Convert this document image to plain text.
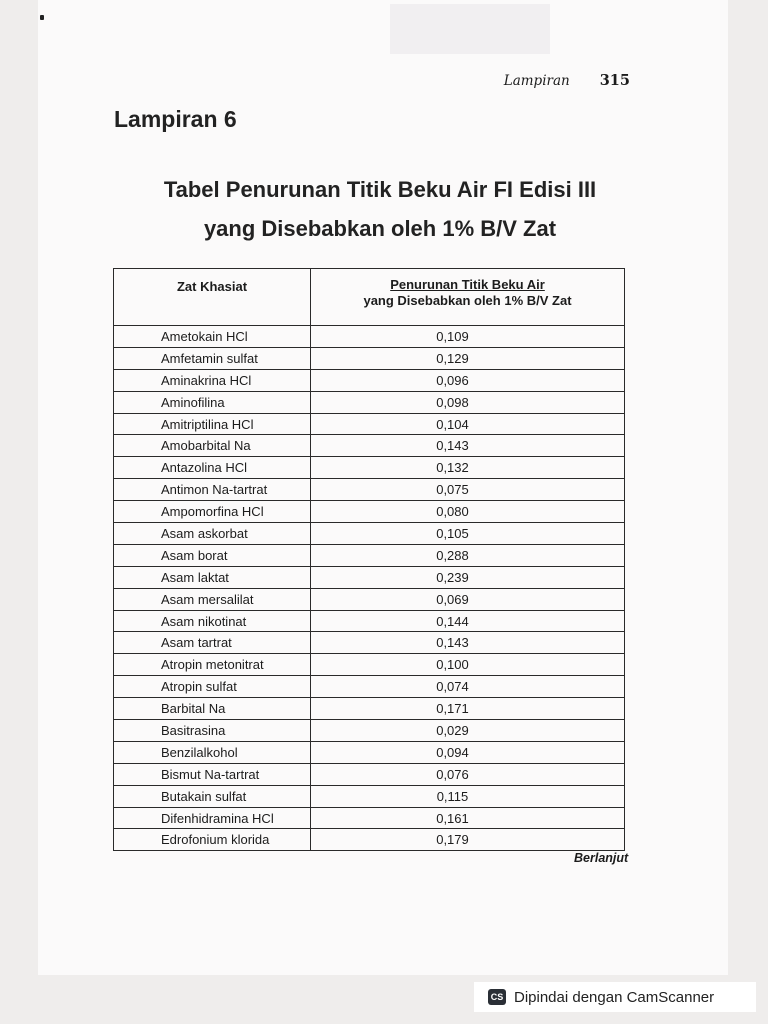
Lampiran 315
Lampiran 6
Tabel Penurunan Titik Beku Air FI Edisi III
yang Disebabkan oleh 1% B/V Zat
Zat Khasiat	Penurunan Titik Beku Air
yang Disebabkan oleh 1% B/V Zat

Ametokain HCl	0,109
Amfetamin sulfat	0,129
Aminakrina HCl	0,096
Aminofilina	0,098
Amitriptilina HCl	0,104
Amobarbital Na	0,143
Antazolina HCl	0,132
Antimon Na-tartrat	0,075
Ampomorfina HCl	0,080
Asam askorbat	0,105
Asam borat	0,288
Asam laktat	0,239
Asam mersalilat	0,069
Asam nikotinat	0,144
Asam tartrat	0,143
Atropin metonitrat	0,100
Atropin sulfat	0,074
Barbital Na	0,171
Basitrasina	0,029
Benzilalkohol	0,094
Bismut Na-tartrat	0,076
Butakain sulfat	0,115
Difenhidramina HCl	0,161
Edrofonium klorida	0,179
Berlanjut
CS Dipindai dengan CamScanner
